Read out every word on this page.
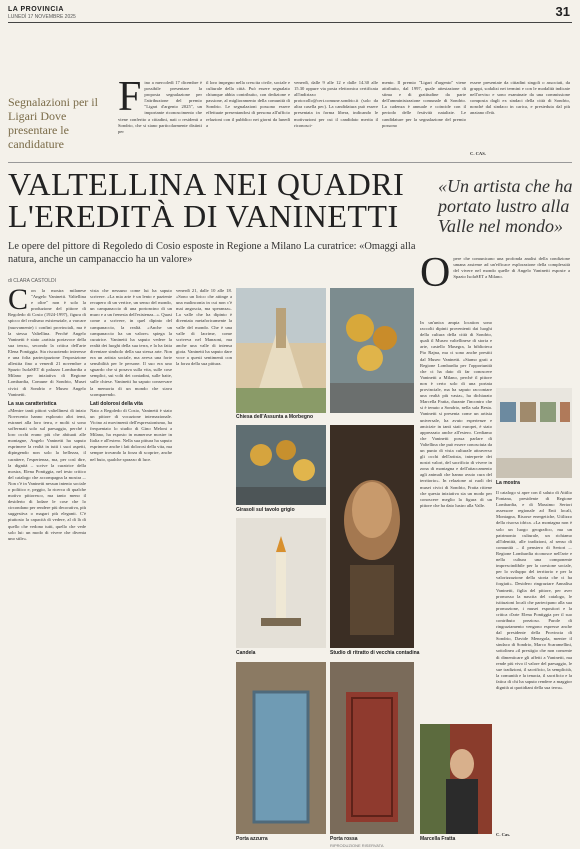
LA PROVINCIA
LUNEDÌ 17 NOVEMBRE 2025	31
Segnalazioni per il Ligari Dove presentare le candidature
Fino a mercoledì 17 dicembre è possibile presentare la proposta segnalazione per l'attribuzione del premio "Ligari d'argento 2025", un importante riconoscimento che viene conferito a cittadini, nati o residenti a Sondrio, che si siano particolarmente distinti per
il loro impegno nella crescita civile, sociale e culturale della città. Può essere segnalato chiunque abbia contribuito, con dedizione e passione, al miglioramento della comunità di Sondrio. Le segnalazioni possono essere effettuate presentandosi di persona all'ufficio relazioni con il pubblico nei giorni da lunedì a
venerdì, dalle 9 alle 12 e dalle 14.30 alle 15.30 oppure via posta elettronica certificata all'indirizzo protocollo@cert.comune.sondrio.it (solo da altra casella pec). La candidatura può essere presentata in forma libera, indicando le motivazioni per cui il candidato merita il riconosci-
mento. Il premio "Ligari d'argento" viene attribuito, dal 1997, quale attestazione di stima e di gratitudine da parte dell'amministrazione comunale di Sondrio. La cadenza è annuale e coincide con il periodo delle festività natalizie. Le candidature per la segnalazione del premio possono
essere presentate da cittadini singoli o associati, da gruppi, sodalizi nei termini e con le modalità indicate nell'avviso e sono esaminate da una commissione composta dagli ex sindaci della città di Sondrio, nonché dal sindaco in carica, e presieduta dal più anziano d'età.
C. CAS.
VALTELLINA NEI QUADRI L'EREDITÀ DI VANINETTI
«Un artista che ha portato lustro alla Valle nel mondo»
Le opere del pittore di Regoledo di Cosio esposte in Regione a Milano La curatrice: «Omaggi alla natura, anche un campanaccio ha un valore»
di CLARA CASTOLDI

Con la mostra milanese "Angelo Vaninetti. Valtellina e oltre" non è solo la produzione del pittore di Regoledo di Cosio (1924-1997), figura di spicco del realismo esistenziale, a varcare (nuovamente) i confini provinciali, ma è la stessa Valtellina. Perché Angelo Vaninetti è stato «artista portavoce della sua terra», secondo la critica dell'arte Elena Pontiggia. Sta riscuotendo interesse e una folta partecipazione l'esposizione allestita fino a venerdì 21 novembre a Spazio IsolaSET di palazzo Lombardia a Milano per iniziativa di Regione Lombardia, Comune di Sondrio, Musei civici di Sondrio e Museo Angelo Vaninetti.

La sua caratteristica

«Mentre tanti pittori valtellinesi di inizio Novecento hanno esplorato altri temi, estranei alla loro terra, e molti si sono soffermati solo sul paesaggio, perché i loro occhi erano più che abituati alle montagne, Angelo Vaninetti ha saputo esprimere la realtà in tutti i suoi aspetti, dipingendo non solo la bellezza, il carattere, l'esperienza, ma, per così dire, la dignità – scrive la curatrice della mostra, Elena Pontiggia, nel testo critico del catalogo che accompagna la mostra –. Non c'è in Vaninetti nessun intento sociale o politico e, peggio, la ricerca di qualche motivo pittoresco, ma tanto meno il desiderio di lodare le cose che lo circondano per rendere più decorativa, più suggestiva o magari più eleganti. C'è piuttosto la capacità di vedere, al di là di quello che vedono tutti, quello che vede solo lui: un modo di vivere che diventa uno stile».

vista che nessuno come lui ha saputo scrivere. «La mia arte è un lento e paziente recupero di un vertice, un senso del mondo, un campanaccio di una portoncino di un muro e a un frenesia dell'esistenza...». Quasi come a scrivere, in quel dipinto del campanaccio, la realtà. «Anche un campanaccio ha un valore» spiega la curatrice. Vaninetti ha saputo vedere la realtà dei luoghi della sua terra, e la ha fatta diventare simbolo della sua stessa arte. Non era un artista sociale, ma aveva una forte sensibilità per le persone. Il suo era uno sguardo che si posava sulla vita, sulle cose semplici, sui volti dei contadini, sulle baite, sulle chiese. Vaninetti ha saputo conservare la memoria di un mondo che stava scomparendo.

Lati dolorosi della vita

Nato a Regoledo di Cosio, Vaninetti è stato un pittore di vocazione internazionale. Vicino ai movimenti dell'espressionismo, ha frequentato lo studio di Gino Meloni a Milano, ha esposto in numerose mostre in Italia e all'estero. Nella sua pittura ha saputo esprimere anche i lati dolorosi della vita, ma sempre trovando la forza di scoprire, anche nel buio, qualche sprazzo di luce.

venerdì 21, dalle 10 alle 18. «Sono un lirico che attinge a una malinconia in cui non c'è mai angoscia, ma speranza». La valle che ha dipinto è diventata metaforicamente la valle del mondo. Che è una valle di lacrime, come scriveva nel Manzoni, ma anche una valle di intensa gioia. Vaninetti ha saputo dare voce a questi sentimenti con la forza della sua pittura.

Chiesa dell'Assunta a Morbegno
Girasoli sul tavolo grigio
Candela	Studio di ritratto di vecchia contadina
Porta azzurra	Porta rossa

Opere che comunicano una profonda analisi della condizione umana assieme ad un'efficace esplorazione della complessità del vivere nel mondo quelle di Angelo Vaninetti esposte a Spazio IsolaSET a Milano.

In un'unica ampia location sono raccolti dipinti provenienti dai luoghi della cultura della città di Sondrio, quali il Museo valtellinese di storia e arte, castello Masegra, la biblioteca Pio Rajna, ma ci sono anche prestiti dal Museo Vaninetti. «Siamo grati a Regione Lombardia per l'opportunità che ci ha dato di far conoscere Vaninetti a Milano, perché il pittore non è certo solo di una portata provinciale, ma ha saputo raccontare una realtà più vasta», ha dichiarato Marcella Fratta, durante l'incontro che si è tenuto a Sondrio, nella sala Besta. Vaninetti si presenta come un artista universale, ha avuto esperienze e amicizie in tanti stati europei, è stato apprezzato anche all'estero. Crediamo che Vaninetti possa parlare di Valtellina che può essere conosciuta da un punto di vista culturale attraverso gli occhi dell'artista, interprete dei nostri valori, del sacrificio di vivere in zona di montagna e dell'attaccamento agli animali che hanno avuto cura del territorio». In relazione ai ruoli dei musei civici di Sondrio, Fratta ritiene che questa iniziativa sia un modo per conoscere meglio la figura di un pittore che ha dato lustro alla Valle.

La mostra

Il catalogo si apre con il saluto di Attilio Fontana, presidente di Regione Lombardia, e di Massimo Sertori assessore regionale ad Enti locali, Montagna, Risorse energetiche, Utilizzo della risorsa idrica. «La montagna non è solo un luogo geografico, ma un patrimonio culturale, un richiamo all'identità, alle tradizioni, al senso di comunità – il pensiero di Sertori –. Regione Lombardia riconosce nell'arte e nella cultura una componente imprescindibile per la coesione sociale, per lo sviluppo del territorio e per la valorizzazione della storia che ci ha forgiati». Desidero ringraziare Annalisa Vaninetti, figlia del pittore, per aver promosso la nascita del catalogo, le istituzioni locali che partecipano alla sua promozione, i musei espositori e la critica d'arte Elena Pontiggia per il suo contributo prezioso. Parole di ringraziamento vengono espresse anche dal presidente della Provincia di Sondrio, Davide Menegola, mentre il sindaco di Sondrio, Marco Scaramellini, sottolinea «il prestigio che non consente di dimenticare gli affetti a Vaninetti, ma rende più vivo il valore del paesaggio, le sue tradizioni, il sacrificio, la semplicità, la comunità e la tenacia, il sacrificio e la fatica di chi ha saputo rendere a maggior dignità ai quotidiani della sua terra».

Marcella Fratta
C. Cas.
RIPRODUZIONE RISERVATA
